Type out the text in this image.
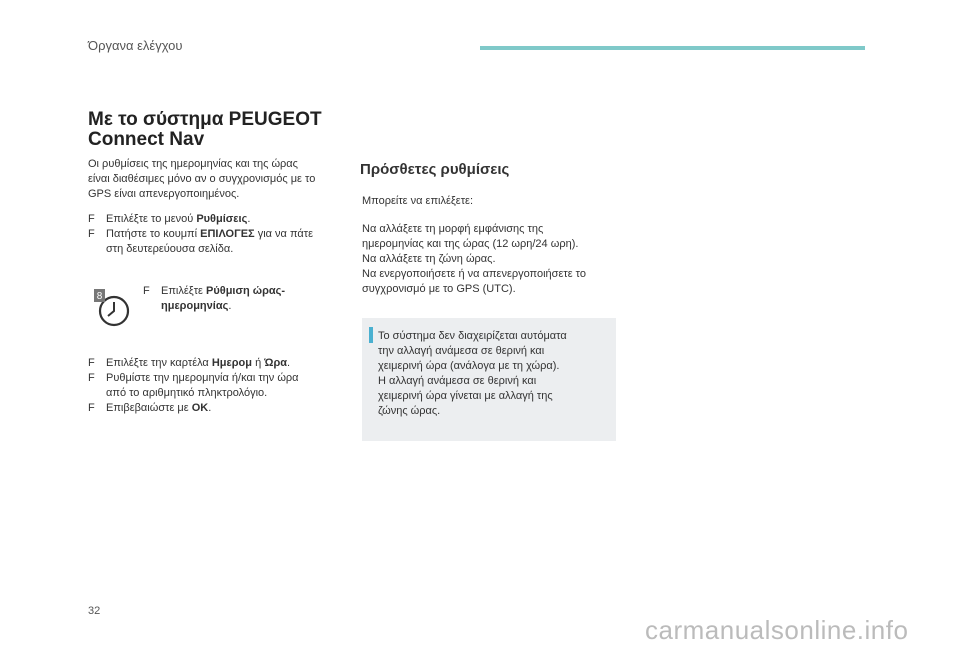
Όργανα ελέγχου
Με το σύστημα PEUGEOT
Connect Nav
Οι ρυθμίσεις της ημερομηνίας και της ώρας
είναι διαθέσιμες μόνο αν ο συγχρονισμός με το
GPS είναι απενεργοποιημένος.
F Επιλέξτε το μενού Ρυθμίσεις.
F Πατήστε το κουμπί ΕΠΙΛΟΓΕΣ για να πάτε
στη δευτερεύουσα σελίδα.
8	F Επιλέξτε Ρύθμιση ώρας-
ημερομηνίας.
F Επιλέξτε την καρτέλα Ημερομ ή Ώρα.
F Ρυθμίστε την ημερομηνία ή/και την ώρα
από το αριθμητικό πληκτρολόγιο.
F Επιβεβαιώστε με OK.
Πρόσθετες ρυθμίσεις
Μπορείτε να επιλέξετε:
Να αλλάξετε τη μορφή εμφάνισης της
ημερομηνίας και της ώρας (12 ωρη/24 ωρη).
Να αλλάξετε τη ζώνη ώρας.
Να ενεργοποιήσετε ή να απενεργοποιήσετε το
συγχρονισμό με το GPS (UTC).
Το σύστημα δεν διαχειρίζεται αυτόματα
την αλλαγή ανάμεσα σε θερινή και
χειμερινή ώρα (ανάλογα με τη χώρα).
Η αλλαγή ανάμεσα σε θερινή και
χειμερινή ώρα γίνεται με αλλαγή της
ζώνης ώρας.
32
carmanualsonline.info
